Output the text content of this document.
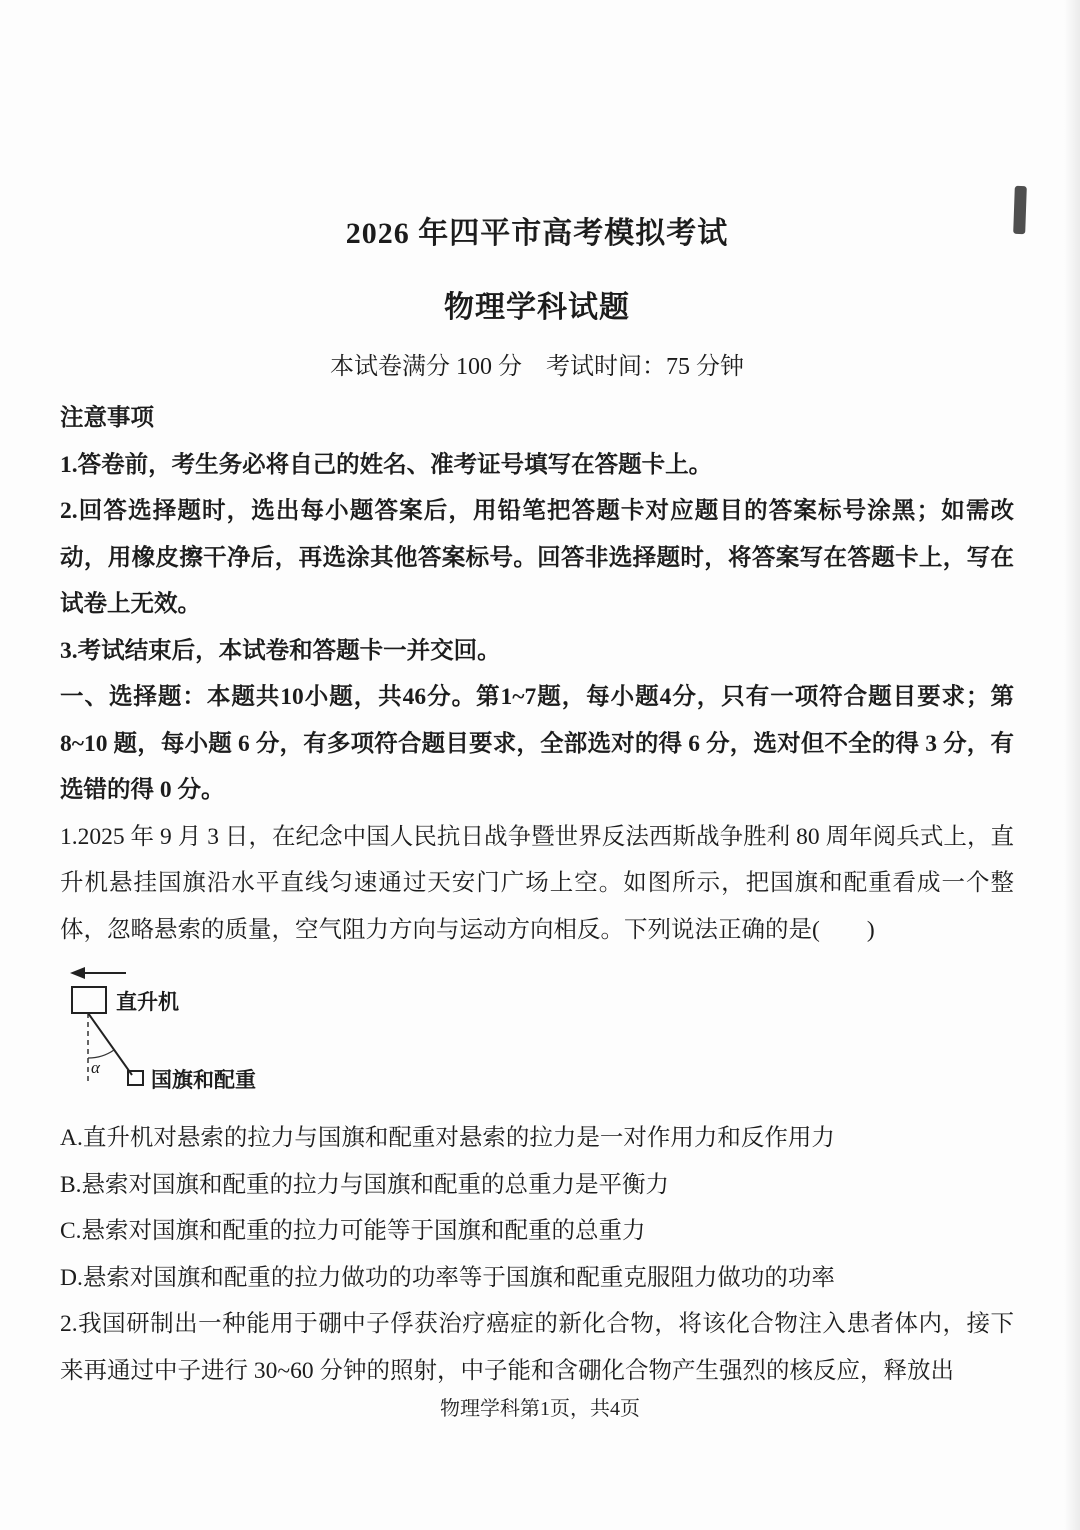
2026 年四平市高考模拟考试
物理学科试题

本试卷满分 100 分　考试时间：75 分钟

注意事项

1.答卷前，考生务必将自己的姓名、准考证号填写在答题卡上。

2.回答选择题时，选出每小题答案后，用铅笔把答题卡对应题目的答案标号涂黑；如需改动，用橡皮擦干净后，再选涂其他答案标号。回答非选择题时，将答案写在答题卡上，写在试卷上无效。

3.考试结束后，本试卷和答题卡一并交回。

一、选择题：本题共10小题，共46分。第1~7题，每小题4分，只有一项符合题目要求；第 8~10 题，每小题 6 分，有多项符合题目要求，全部选对的得 6 分，选对但不全的得 3 分，有选错的得 0 分。

1.2025 年 9 月 3 日，在纪念中国人民抗日战争暨世界反法西斯战争胜利 80 周年阅兵式上，直升机悬挂国旗沿水平直线匀速通过天安门广场上空。如图所示，把国旗和配重看成一个整体，忽略悬索的质量，空气阻力方向与运动方向相反。下列说法正确的是(　　)

直升机
α
国旗和配重

A.直升机对悬索的拉力与国旗和配重对悬索的拉力是一对作用力和反作用力

B.悬索对国旗和配重的拉力与国旗和配重的总重力是平衡力

C.悬索对国旗和配重的拉力可能等于国旗和配重的总重力

D.悬索对国旗和配重的拉力做功的功率等于国旗和配重克服阻力做功的功率

2.我国研制出一种能用于硼中子俘获治疗癌症的新化合物，将该化合物注入患者体内，接下来再通过中子进行 30~60 分钟的照射，中子能和含硼化合物产生强烈的核反应，释放出

物理学科第1页，共4页
